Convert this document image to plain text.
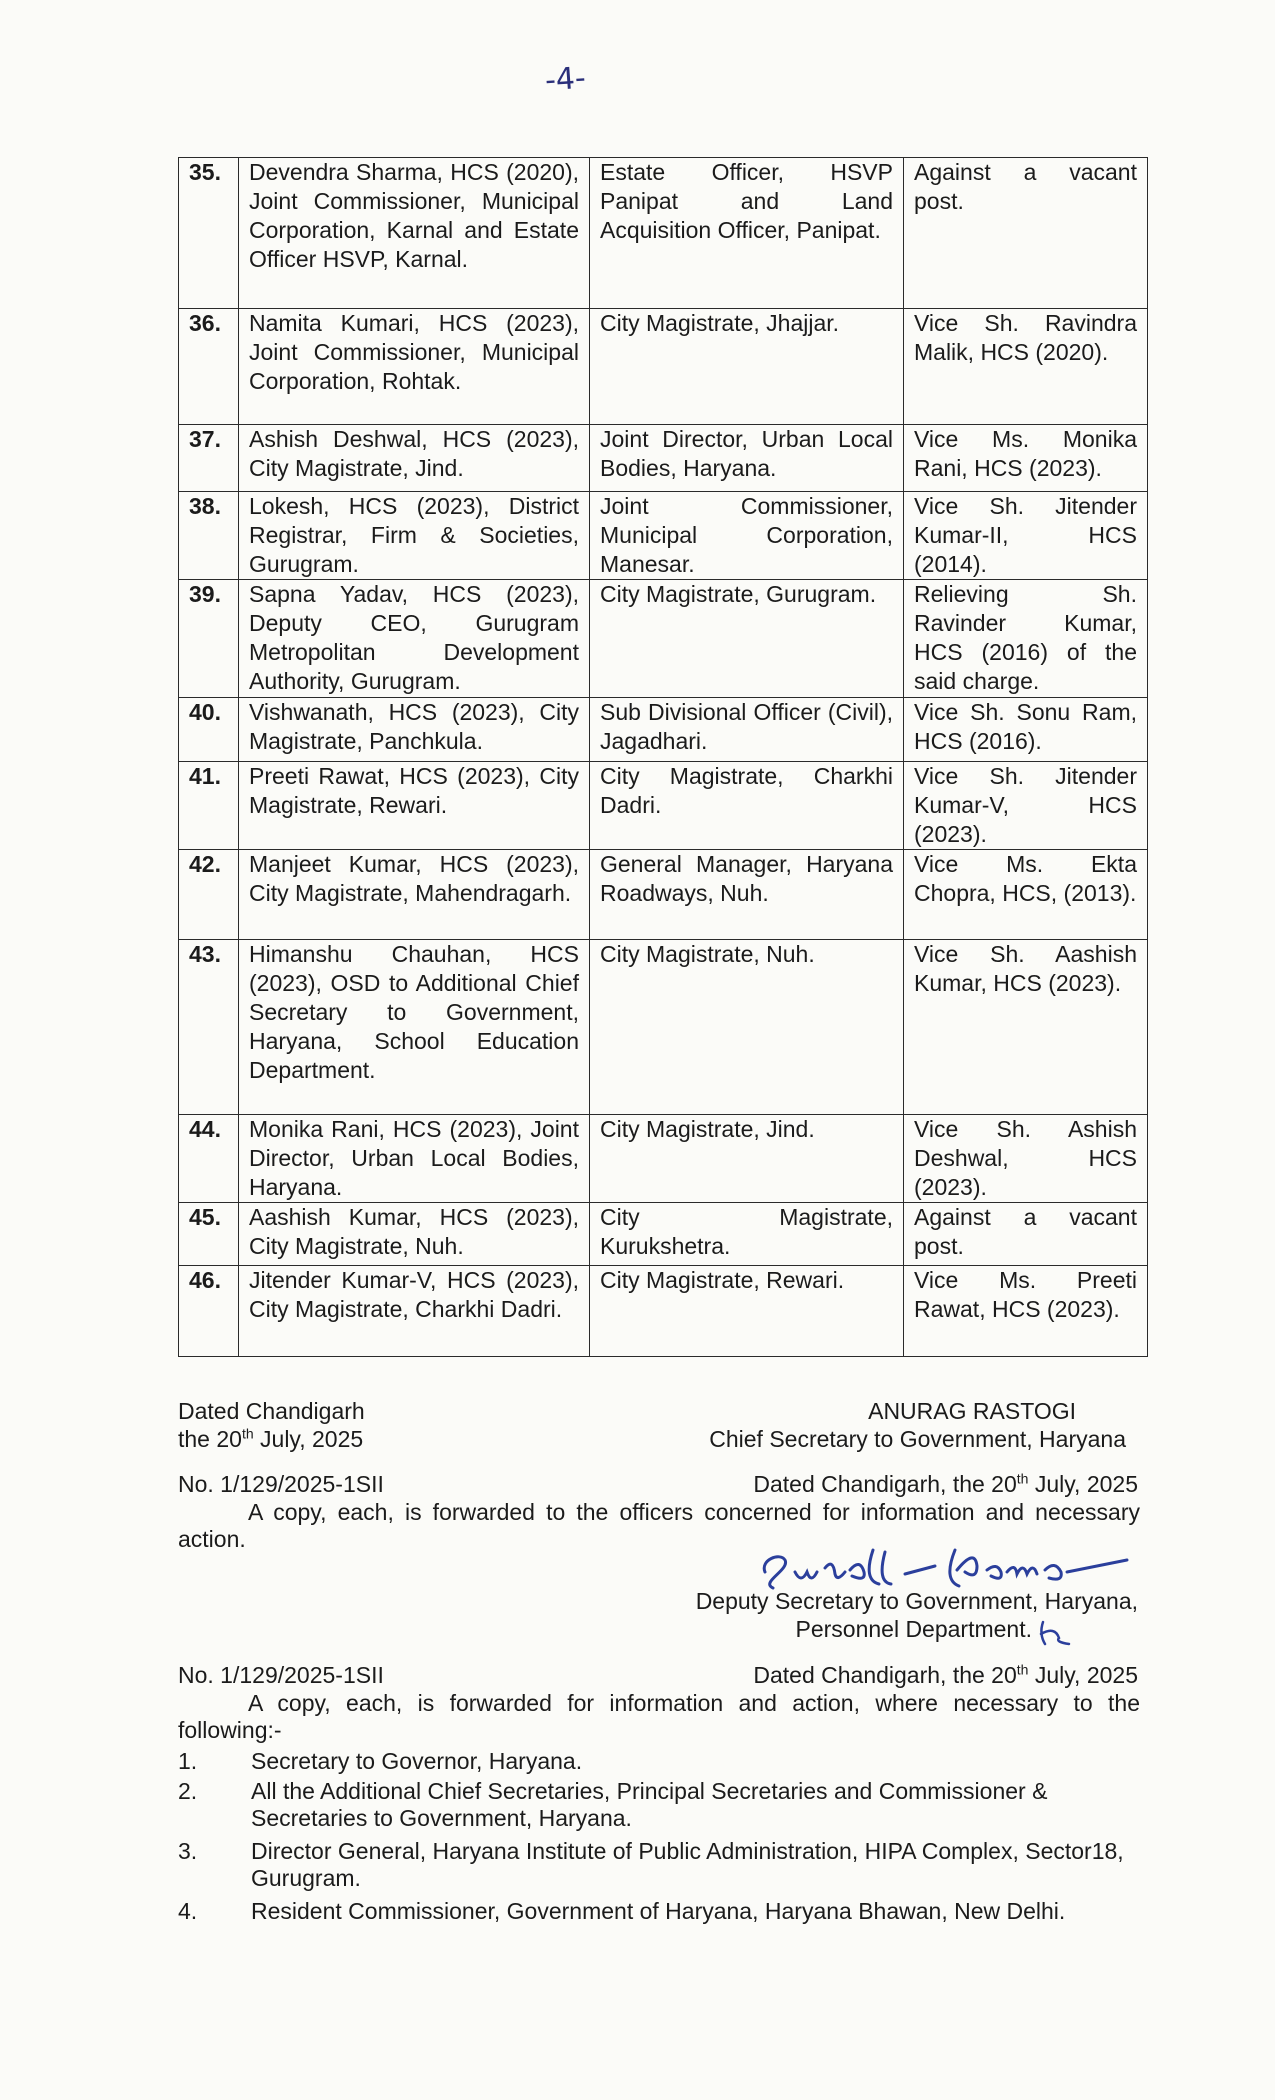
-4-
35.	Devendra Sharma, HCS (2020), Joint Commissioner, Municipal Corporation, Karnal and Estate Officer HSVP, Karnal.	Estate Officer, HSVP Panipat and Land Acquisition Officer, Panipat.	Against a vacant post.
36.	Namita Kumari, HCS (2023), Joint Commissioner, Municipal Corporation, Rohtak.	City Magistrate, Jhajjar.	Vice Sh. Ravindra Malik, HCS (2020).
37.	Ashish Deshwal, HCS (2023), City Magistrate, Jind.	Joint Director, Urban Local Bodies, Haryana.	Vice Ms. Monika Rani, HCS (2023).
38.	Lokesh, HCS (2023), District Registrar, Firm & Societies, Gurugram.	Joint Commissioner, Municipal Corporation, Manesar.	Vice Sh. Jitender Kumar-II, HCS (2014).
39.	Sapna Yadav, HCS (2023), Deputy CEO, Gurugram Metropolitan Development Authority, Gurugram.	City Magistrate, Gurugram.	Relieving Sh. Ravinder Kumar, HCS (2016) of the said charge.
40.	Vishwanath, HCS (2023), City Magistrate, Panchkula.	Sub Divisional Officer (Civil), Jagadhari.	Vice Sh. Sonu Ram, HCS (2016).
41.	Preeti Rawat, HCS (2023), City Magistrate, Rewari.	City Magistrate, Charkhi Dadri.	Vice Sh. Jitender Kumar-V, HCS (2023).
42.	Manjeet Kumar, HCS (2023), City Magistrate, Mahendragarh.	General Manager, Haryana Roadways, Nuh.	Vice Ms. Ekta Chopra, HCS, (2013).
43.	Himanshu Chauhan, HCS (2023), OSD to Additional Chief Secretary to Government, Haryana, School Education Department.	City Magistrate, Nuh.	Vice Sh. Aashish Kumar, HCS (2023).
44.	Monika Rani, HCS (2023), Joint Director, Urban Local Bodies, Haryana.	City Magistrate, Jind.	Vice Sh. Ashish Deshwal, HCS (2023).
45.	Aashish Kumar, HCS (2023), City Magistrate, Nuh.	City Magistrate, Kurukshetra.	Against a vacant post.
46.	Jitender Kumar-V, HCS (2023), City Magistrate, Charkhi Dadri.	City Magistrate, Rewari.	Vice Ms. Preeti Rawat, HCS (2023).
Dated Chandigarh
the 20th July, 2025
ANURAG RASTOGI
Chief Secretary to Government, Haryana
No. 1/129/2025-1SII	Dated Chandigarh, the 20th July, 2025
A copy, each, is forwarded to the officers concerned for information and necessary action.
Deputy Secretary to Government, Haryana,
Personnel Department.
No. 1/129/2025-1SII	Dated Chandigarh, the 20th July, 2025
A copy, each, is forwarded for information and action, where necessary to the following:-
1. Secretary to Governor, Haryana.
2. All the Additional Chief Secretaries, Principal Secretaries and Commissioner & Secretaries to Government, Haryana.
3. Director General, Haryana Institute of Public Administration, HIPA Complex, Sector18, Gurugram.
4. Resident Commissioner, Government of Haryana, Haryana Bhawan, New Delhi.
